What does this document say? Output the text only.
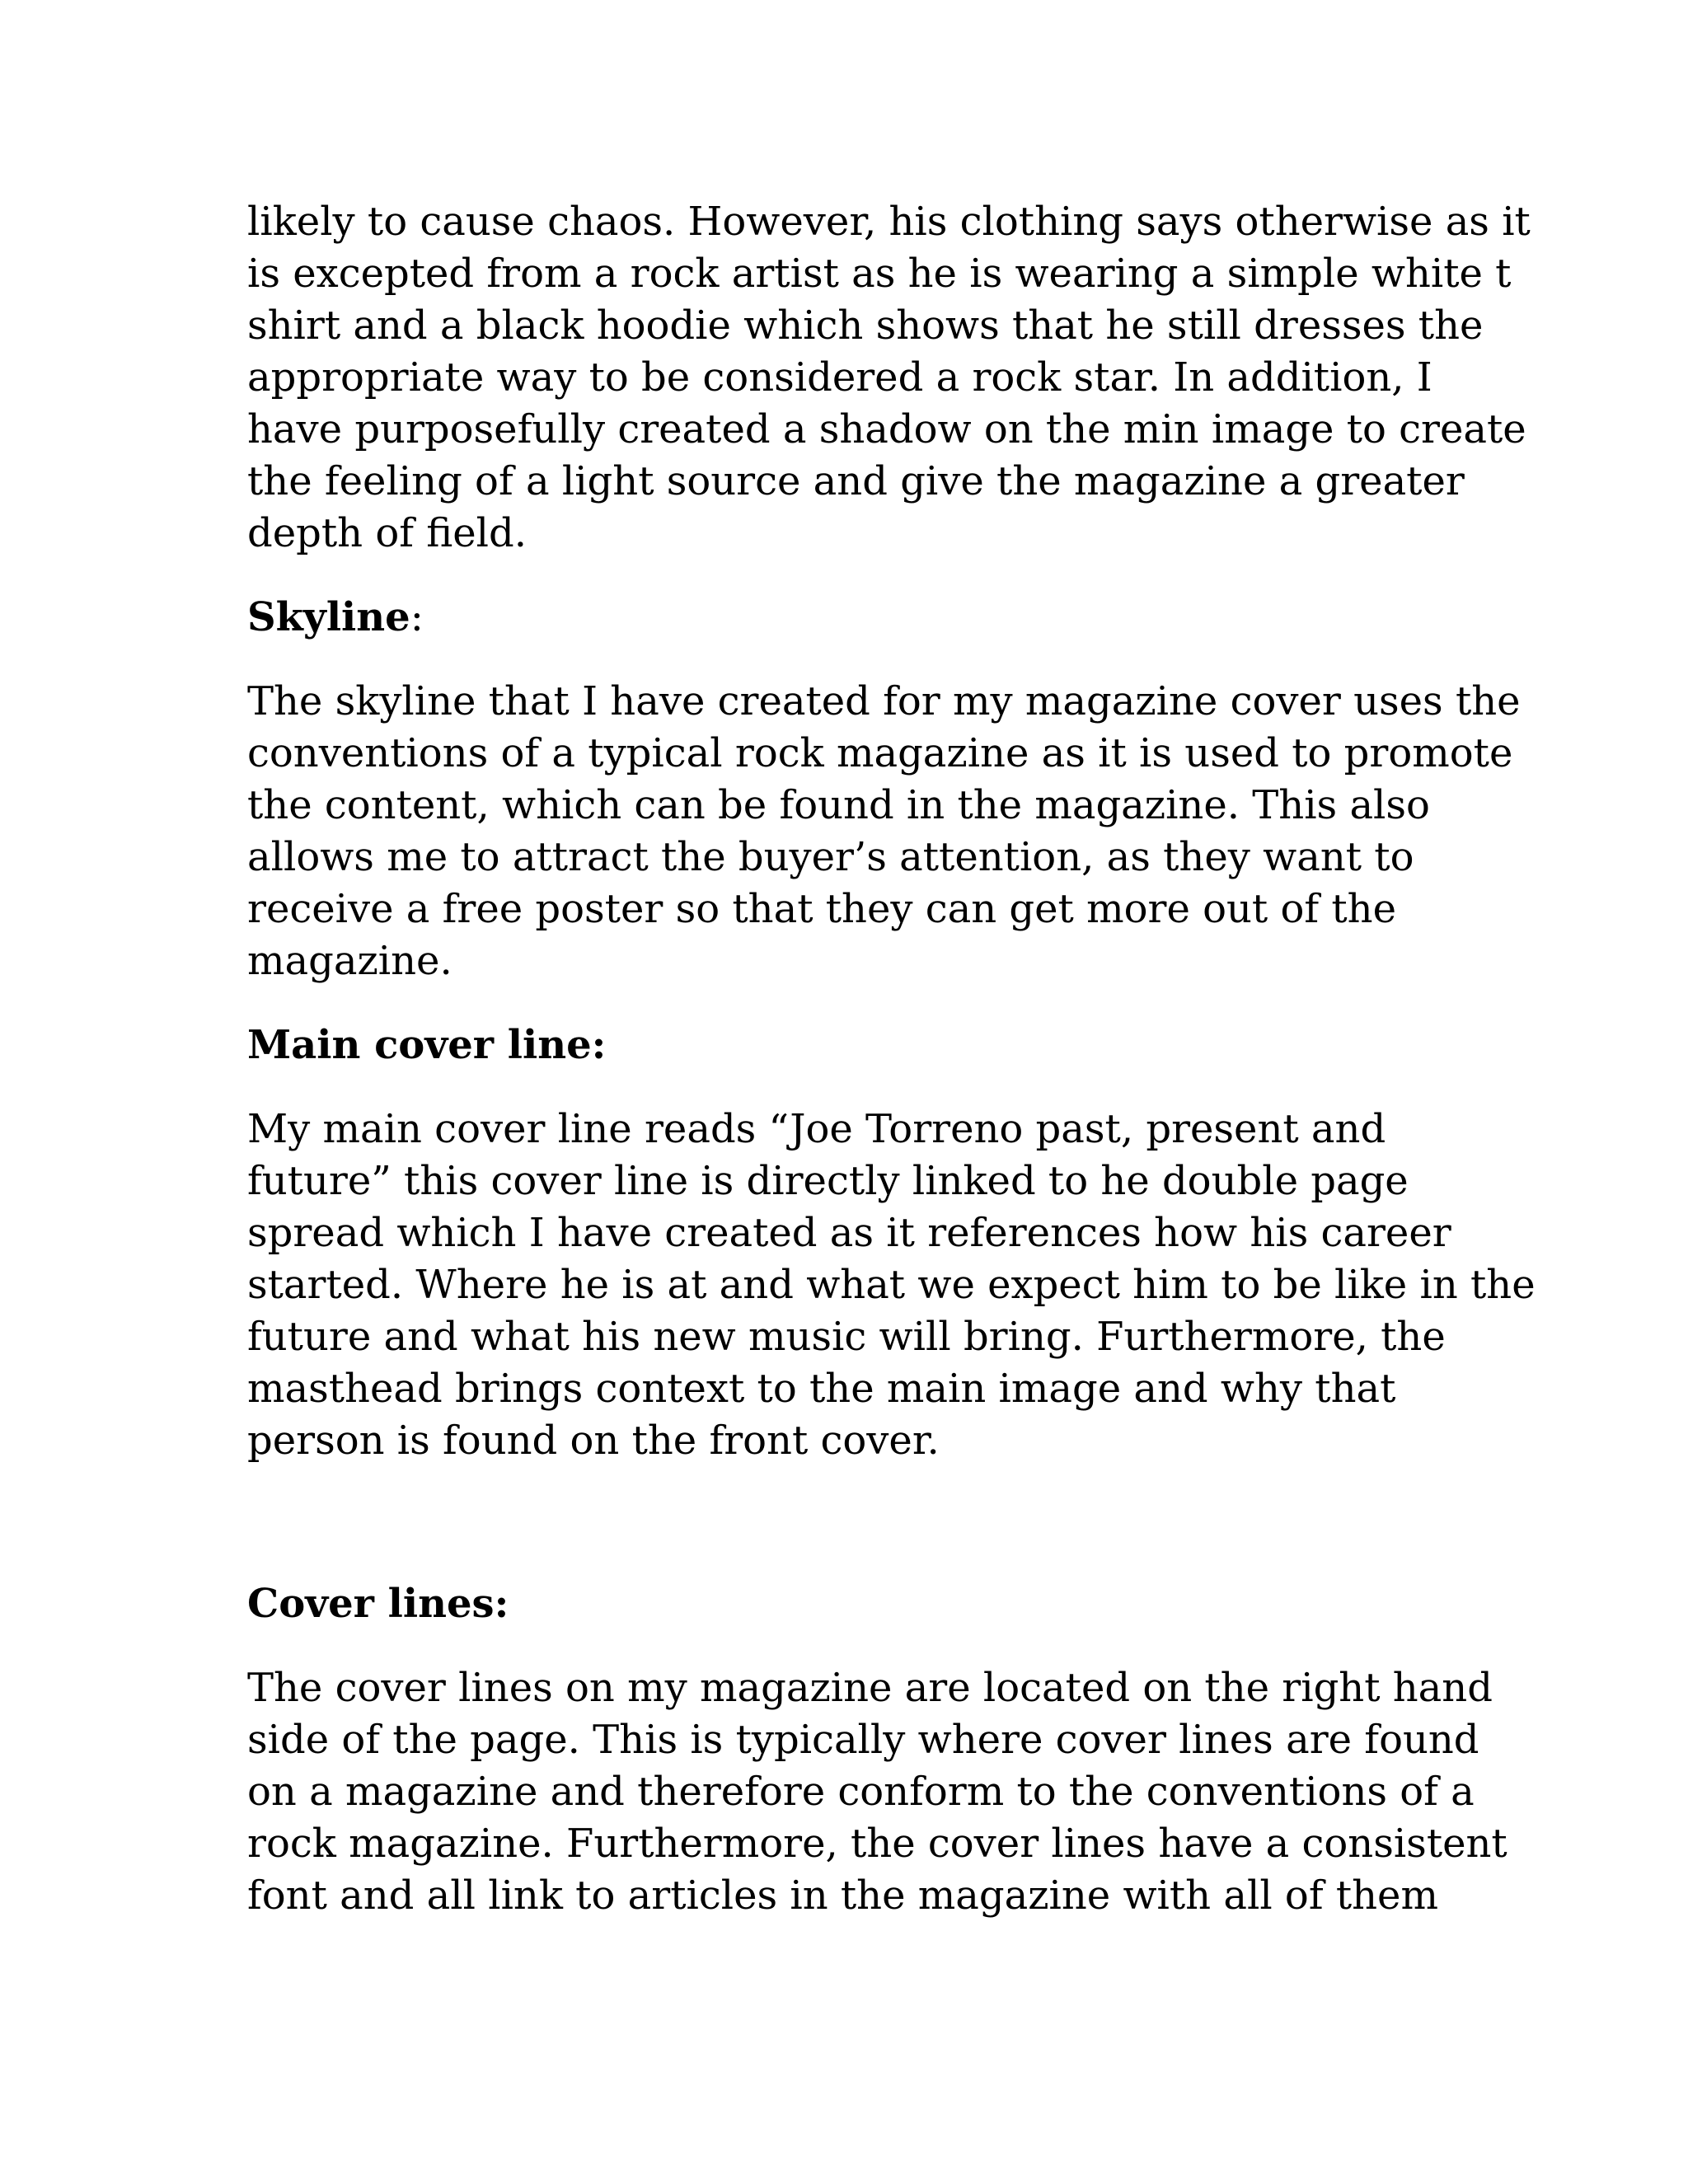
likely to cause chaos. However, his clothing says otherwise as it
is excepted from a rock artist as he is wearing a simple white t
shirt and a black hoodie which shows that he still dresses the
appropriate way to be considered a rock star. In addition, I
have purposefully created a shadow on the min image to create
the feeling of a light source and give the magazine a greater
depth of field.

Skyline:

The skyline that I have created for my magazine cover uses the
conventions of a typical rock magazine as it is used to promote
the content, which can be found in the magazine. This also
allows me to attract the buyer’s attention, as they want to
receive a free poster so that they can get more out of the
magazine.

Main cover line:

My main cover line reads “Joe Torreno past, present and
future” this cover line is directly linked to he double page
spread which I have created as it references how his career
started. Where he is at and what we expect him to be like in the
future and what his new music will bring. Furthermore, the
masthead brings context to the main image and why that
person is found on the front cover.

Cover lines:

The cover lines on my magazine are located on the right hand
side of the page. This is typically where cover lines are found
on a magazine and therefore conform to the conventions of a
rock magazine. Furthermore, the cover lines have a consistent
font and all link to articles in the magazine with all of them
